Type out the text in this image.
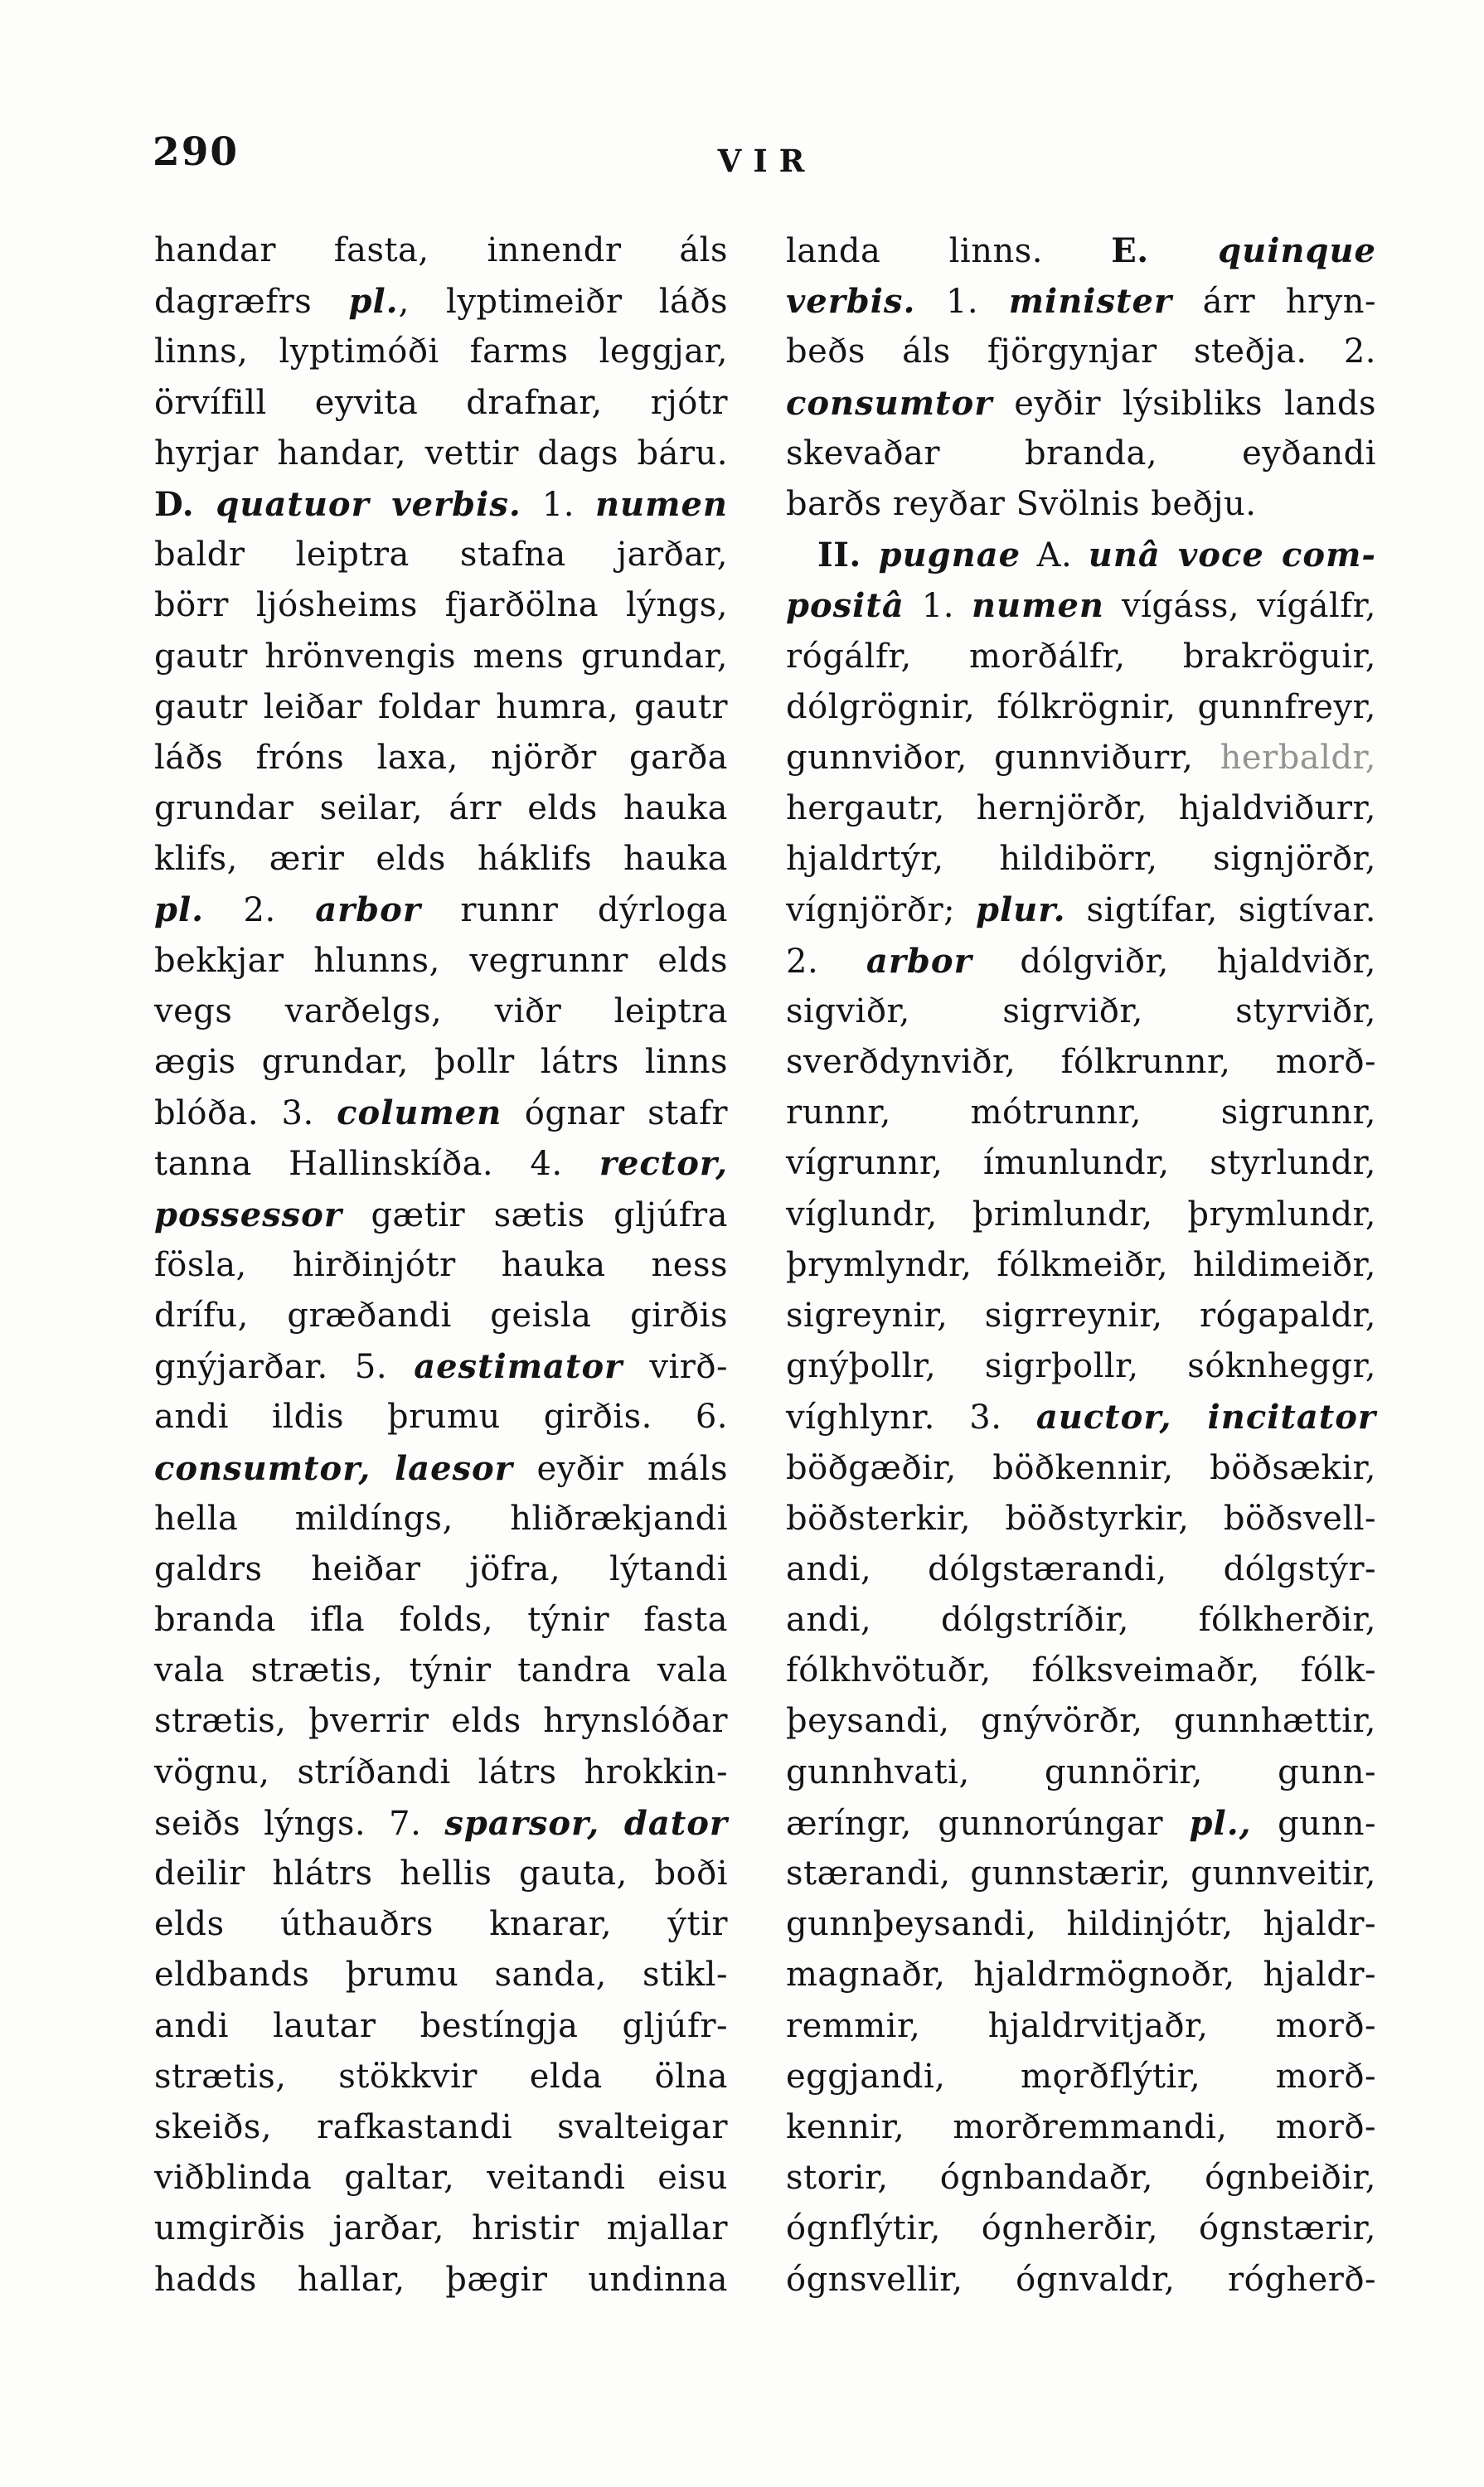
290	VIR
handar fasta, innendr áls
dagræfrs pl., lyptimeiðr láðs
linns, lyptimóði farms leggjar,
örvífill eyvita drafnar, rjótr
hyrjar handar, vettir dags báru.
D. quatuor verbis. 1. numen
baldr leiptra stafna jarðar,
börr ljósheims fjarðölna lýngs,
gautr hrönvengis mens grundar,
gautr leiðar foldar humra, gautr
láðs fróns laxa, njörðr garða
grundar seilar, árr elds hauka
klifs, ærir elds háklifs hauka
pl. 2. arbor runnr dýrloga
bekkjar hlunns, vegrunnr elds
vegs varðelgs, viðr leiptra
ægis grundar, þollr látrs linns
blóða. 3. columen ógnar stafr
tanna Hallinskíða. 4. rector,
possessor gætir sætis gljúfra
fösla, hirðinjótr hauka ness
drífu, græðandi geisla girðis
gnýjarðar. 5. aestimator virð-
andi ildis þrumu girðis. 6.
consumtor, laesor eyðir máls
hella mildíngs, hliðrækjandi
galdrs heiðar jöfra, lýtandi
branda ifla folds, týnir fasta
vala strætis, týnir tandra vala
strætis, þverrir elds hrynslóðar
vögnu, stríðandi látrs hrokkin-
seiðs lýngs. 7. sparsor, dator
deilir hlátrs hellis gauta, boði
elds úthauðrs knarar, ýtir
eldbands þrumu sanda, stikl-
andi lautar bestíngja gljúfr-
strætis, stökkvir elda ölna
skeiðs, rafkastandi svalteigar
viðblinda galtar, veitandi eisu
umgirðis jarðar, hristir mjallar
hadds hallar, þægir undinna
landa linns. E. quinque
verbis. 1. minister árr hryn-
beðs áls fjörgynjar steðja. 2.
consumtor eyðir lýsibliks lands
skevaðar branda, eyðandi
barðs reyðar Svölnis beðju.
II. pugnae A. unâ voce com-
positâ 1. numen vígáss, vígálfr,
rógálfr, morðálfr, brakröguir,
dólgrögnir, fólkrögnir, gunnfreyr,
gunnviðor, gunnviðurr, herbaldr,
hergautr, hernjörðr, hjaldviðurr,
hjaldrtýr, hildibörr, signjörðr,
vígnjörðr; plur. sigtífar, sigtívar.
2. arbor dólgviðr, hjaldviðr,
sigviðr, sigrviðr, styrviðr,
sverðdynviðr, fólkrunnr, morð-
runnr, mótrunnr, sigrunnr,
vígrunnr, ímunlundr, styrlundr,
víglundr, þrimlundr, þrymlundr,
þrymlyndr, fólkmeiðr, hildimeiðr,
sigreynir, sigrreynir, rógapaldr,
gnýþollr, sigrþollr, sóknheggr,
víghlynr. 3. auctor, incitator
böðgæðir, böðkennir, böðsækir,
böðsterkir, böðstyrkir, böðsvell-
andi, dólgstærandi, dólgstýr-
andi, dólgstríðir, fólkherðir,
fólkhvötuðr, fólksveimaðr, fólk-
þeysandi, gnývörðr, gunnhættir,
gunnhvati, gunnörir, gunn-
æríngr, gunnorúngar pl., gunn-
stærandi, gunnstærir, gunnveitir,
gunnþeysandi, hildinjótr, hjaldr-
magnaðr, hjaldrmögnoðr, hjaldr-
remmir, hjaldrvitjaðr, morð-
eggjandi, mǫrðflýtir, morð-
kennir, morðremmandi, morð-
storir, ógnbandaðr, ógnbeiðir,
ógnflýtir, ógnherðir, ógnstærir,
ógnsvellir, ógnvaldr, rógherð-
